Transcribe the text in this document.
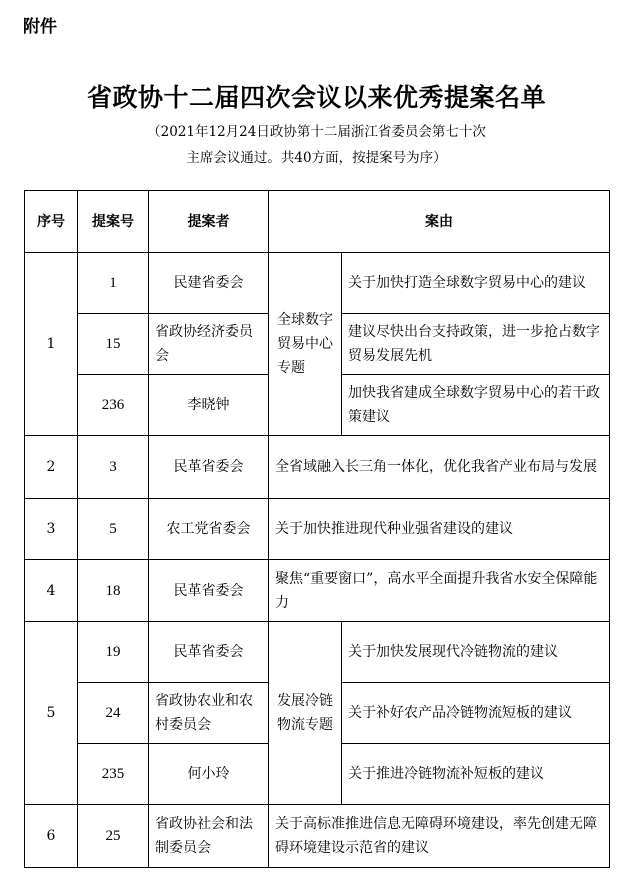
附件
省政协十二届四次会议以来优秀提案名单
（2021年12月24日政协第十二届浙江省委员会第七十次
主席会议通过。共40方面，按提案号为序）
序号	提案号	提案者	案由	
1	1	民建省委会	全球数字贸易中心专题	关于加快打造全球数字贸易中心的建议
	15	省政协经济委员会		建议尽快出台支持政策，进一步抢占数字贸易发展先机
	236	李晓钟		加快我省建成全球数字贸易中心的若干政策建议
2	3	民革省委会	全省域融入长三角一体化，优化我省产业布局与发展	
3	5	农工党省委会	关于加快推进现代种业强省建设的建议	
4	18	民革省委会	聚焦“重要窗口”，高水平全面提升我省水安全保障能力	
5	19	民革省委会	发展冷链物流专题	关于加快发展现代冷链物流的建议
	24	省政协农业和农村委员会		关于补好农产品冷链物流短板的建议
	235	何小玲		关于推进冷链物流补短板的建议
6	25	省政协社会和法制委员会	关于高标准推进信息无障碍环境建设，率先创建无障碍环境建设示范省的建议	
